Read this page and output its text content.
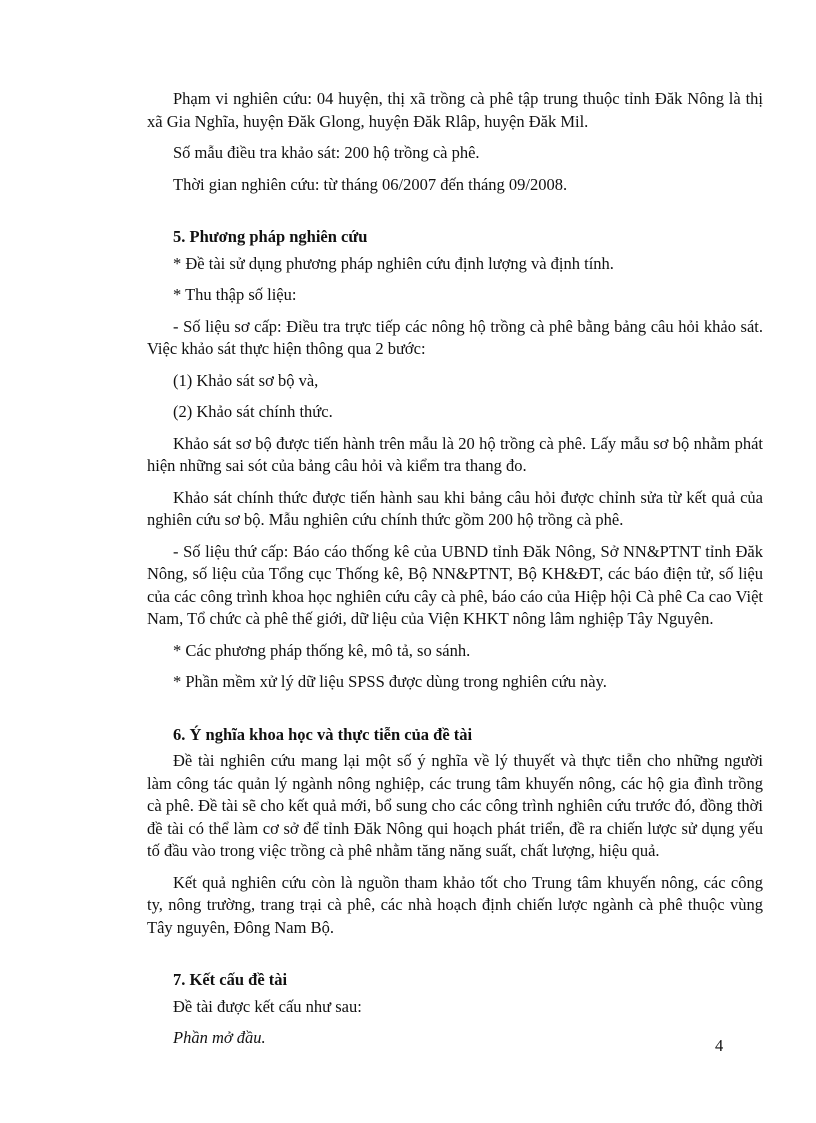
Phạm vi nghiên cứu: 04 huyện, thị xã trồng cà phê tập trung thuộc tỉnh Đăk Nông là thị xã Gia Nghĩa, huyện Đăk Glong, huyện Đăk Rlâp, huyện Đăk Mil.

Số mẫu điều tra khảo sát: 200 hộ trồng cà phê.

Thời gian nghiên cứu: từ tháng 06/2007 đến tháng 09/2008.

5. Phương pháp nghiên cứu

* Đề tài sử dụng phương pháp nghiên cứu định lượng và định tính.

* Thu thập số liệu:

- Số liệu sơ cấp: Điều tra trực tiếp các nông hộ trồng cà phê bằng bảng câu hỏi khảo sát. Việc khảo sát thực hiện thông qua 2 bước:

(1) Khảo sát sơ bộ và,

(2) Khảo sát chính thức.

Khảo sát sơ bộ được tiến hành trên mẫu là 20 hộ trồng cà phê. Lấy mẫu sơ bộ nhằm phát hiện những sai sót của bảng câu hỏi và kiểm tra thang đo.

Khảo sát chính thức được tiến hành sau khi bảng câu hỏi được chỉnh sửa từ kết quả của nghiên cứu sơ bộ. Mẫu nghiên cứu chính thức gồm 200 hộ trồng cà phê.

- Số liệu thứ cấp: Báo cáo thống kê của UBND tỉnh Đăk Nông, Sở NN&PTNT tỉnh Đăk Nông, số liệu của Tổng cục Thống kê, Bộ NN&PTNT, Bộ KH&ĐT, các báo điện tử, số liệu của các công trình khoa học nghiên cứu cây cà phê, báo cáo của Hiệp hội Cà phê Ca cao Việt Nam, Tổ chức cà phê thế giới, dữ liệu của Viện KHKT nông lâm nghiệp Tây Nguyên.

* Các phương pháp thống kê, mô tả, so sánh.

* Phần mềm xử lý dữ liệu SPSS được dùng trong nghiên cứu này.

6. Ý nghĩa khoa học và thực tiễn của đề tài

Đề tài nghiên cứu mang lại một số ý nghĩa về lý thuyết và thực tiễn cho những người làm công tác quản lý ngành nông nghiệp, các trung tâm khuyến nông, các hộ gia đình trồng cà phê. Đề tài sẽ cho kết quả mới, bổ sung cho các công trình nghiên cứu trước đó, đồng thời đề tài có thể làm cơ sở để tỉnh Đăk Nông qui hoạch phát triển, đề ra chiến lược sử dụng yếu tố đầu vào trong việc trồng cà phê nhằm tăng năng suất, chất lượng, hiệu quả.

Kết quả nghiên cứu còn là nguồn tham khảo tốt cho Trung tâm khuyến nông, các công ty, nông trường, trang trại cà phê, các nhà hoạch định chiến lược ngành cà phê thuộc vùng Tây nguyên, Đông Nam Bộ.

7. Kết cấu đề tài

Đề tài được kết cấu như sau:

Phần mở đầu.	4
